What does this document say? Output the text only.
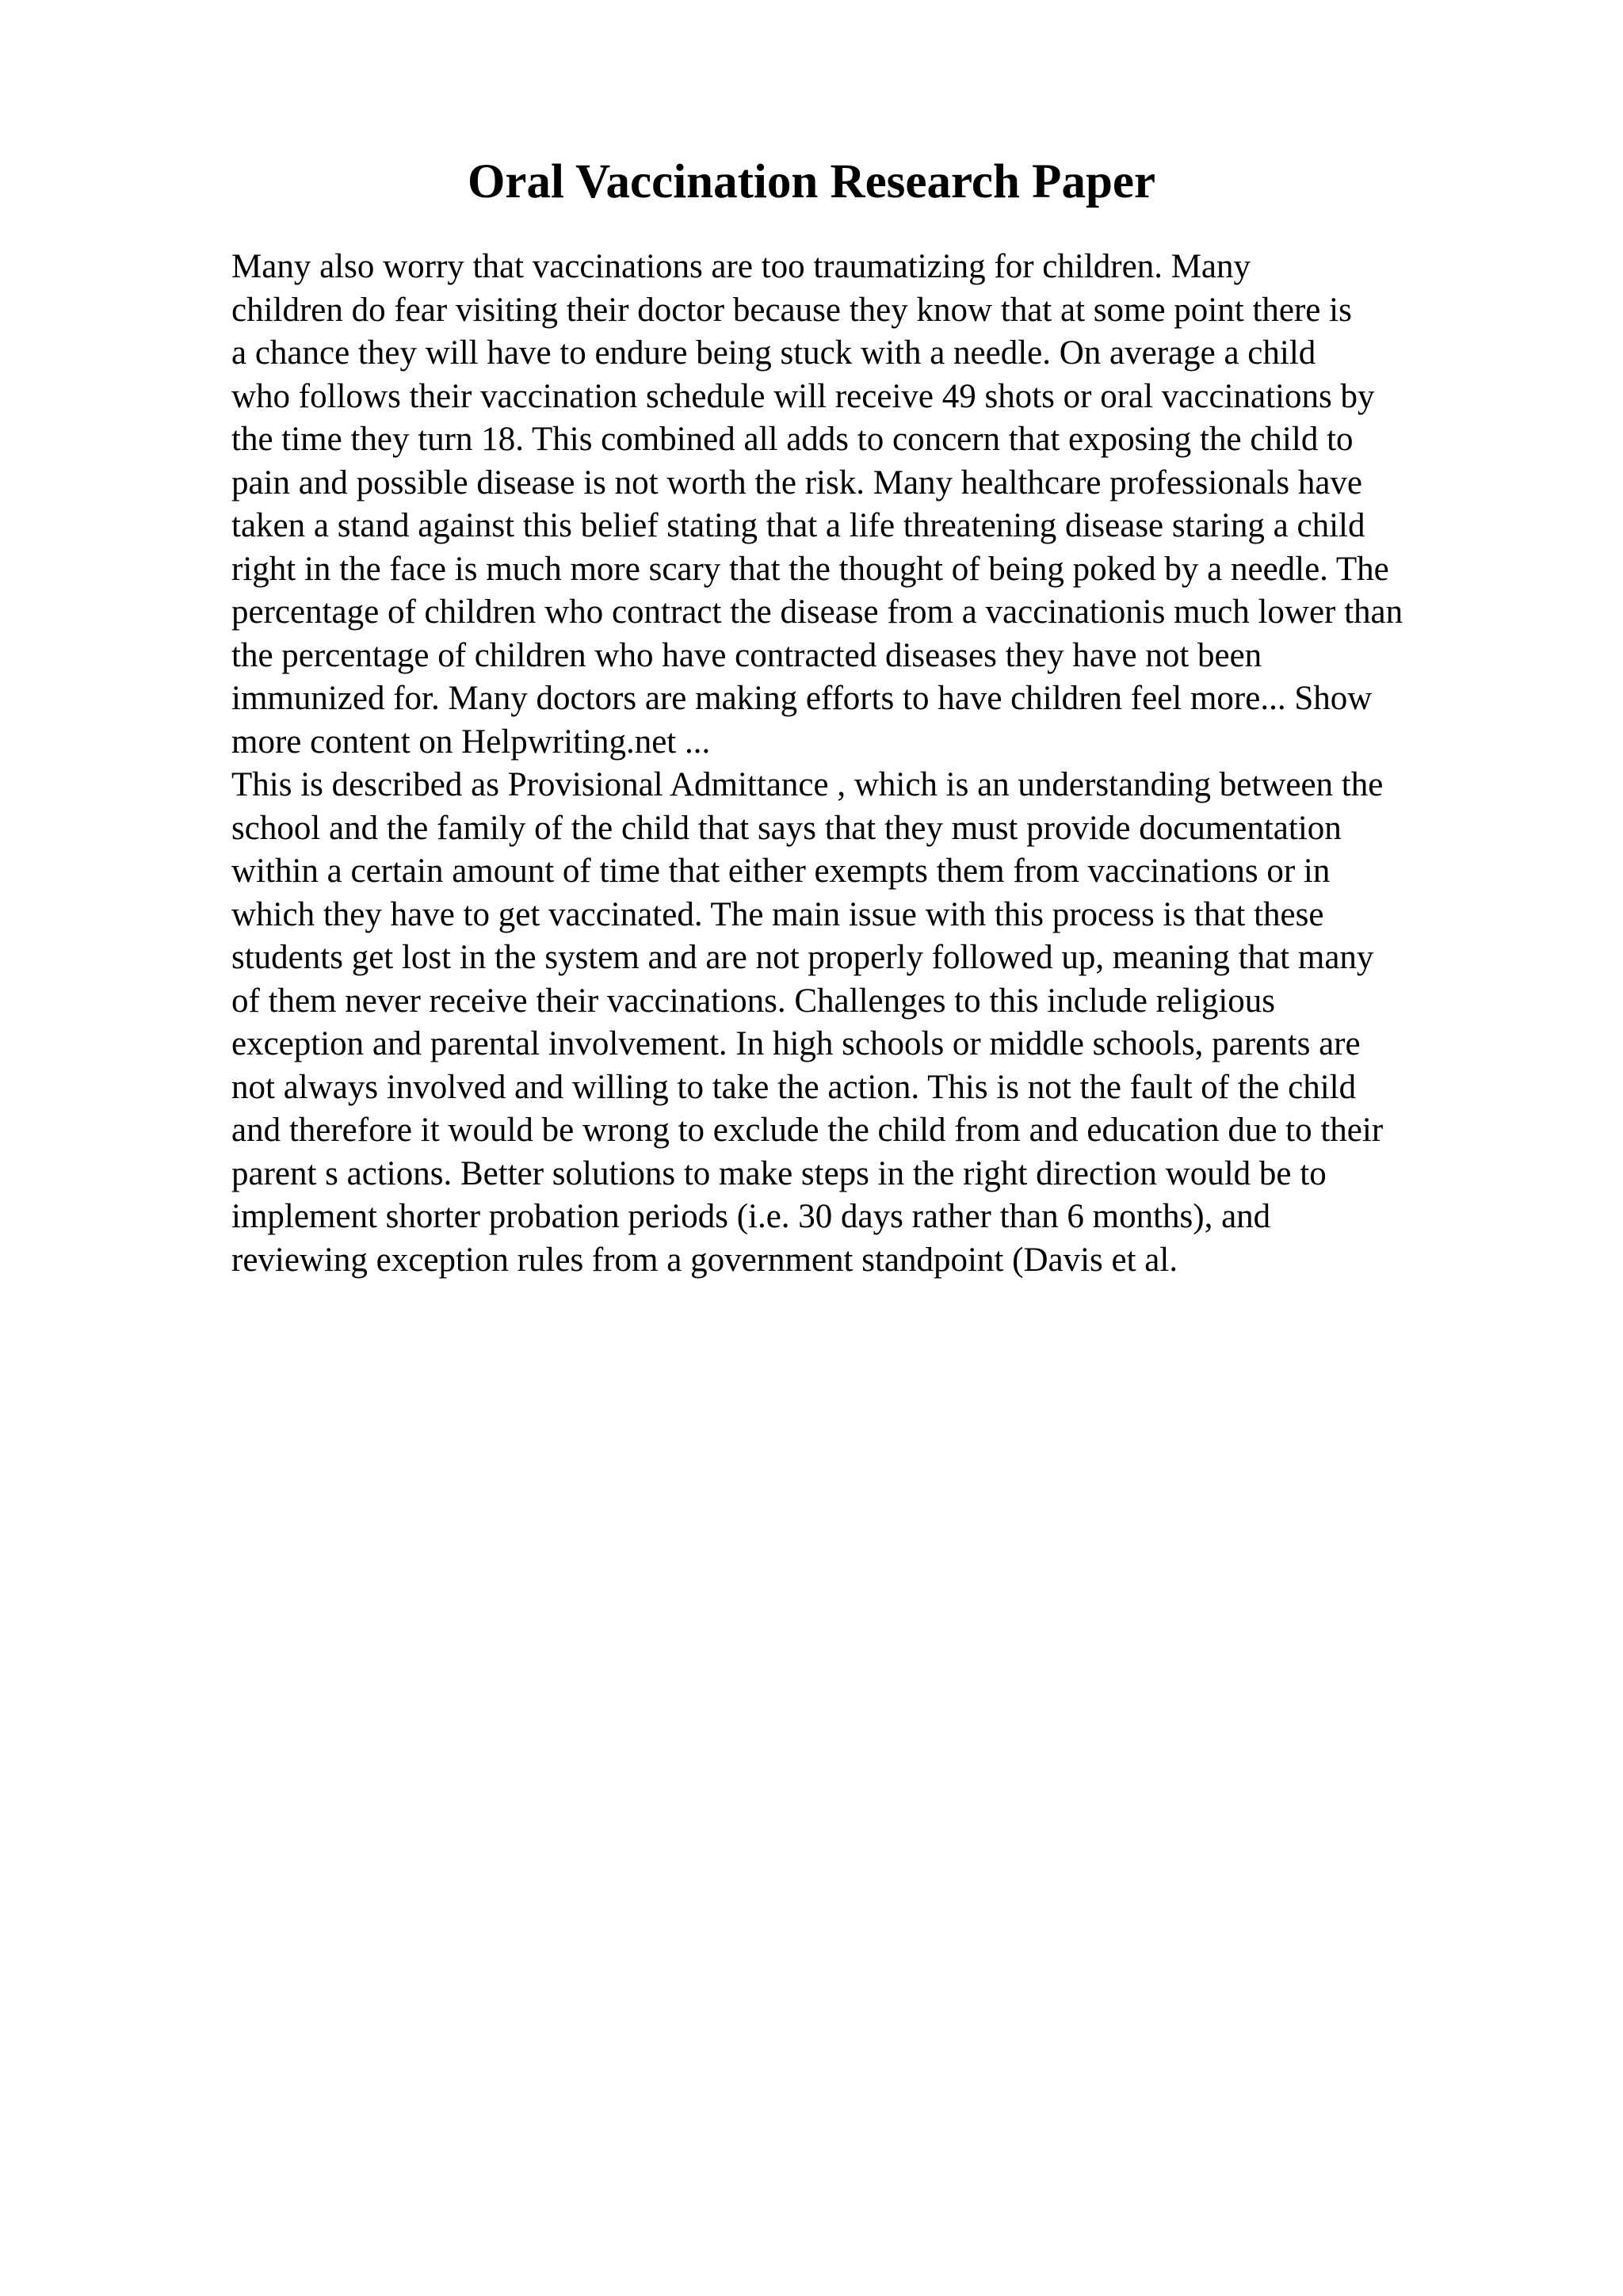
Oral Vaccination Research Paper
Many also worry that vaccinations are too traumatizing for children. Many
children do fear visiting their doctor because they know that at some point there is
a chance they will have to endure being stuck with a needle. On average a child
who follows their vaccination schedule will receive 49 shots or oral vaccinations by
the time they turn 18. This combined all adds to concern that exposing the child to
pain and possible disease is not worth the risk. Many healthcare professionals have
taken a stand against this belief stating that a life threatening disease staring a child
right in the face is much more scary that the thought of being poked by a needle. The
percentage of children who contract the disease from a vaccinationis much lower than
the percentage of children who have contracted diseases they have not been
immunized for. Many doctors are making efforts to have children feel more... Show
more content on Helpwriting.net ...
This is described as Provisional Admittance , which is an understanding between the
school and the family of the child that says that they must provide documentation
within a certain amount of time that either exempts them from vaccinations or in
which they have to get vaccinated. The main issue with this process is that these
students get lost in the system and are not properly followed up, meaning that many
of them never receive their vaccinations. Challenges to this include religious
exception and parental involvement. In high schools or middle schools, parents are
not always involved and willing to take the action. This is not the fault of the child
and therefore it would be wrong to exclude the child from and education due to their
parent s actions. Better solutions to make steps in the right direction would be to
implement shorter probation periods (i.e. 30 days rather than 6 months), and
reviewing exception rules from a government standpoint (Davis et al.
